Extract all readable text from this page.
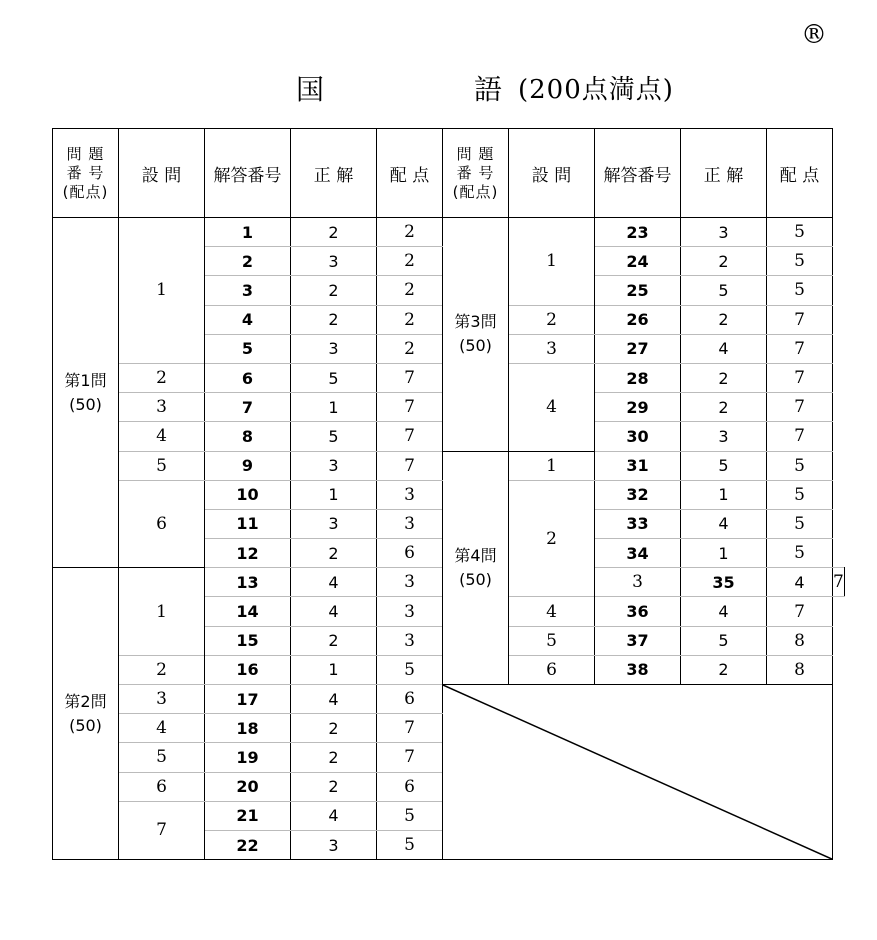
®
国	語 (200点満点)
問 題
番 号
(配点)	設 問	解答番号	正 解	配 点	問 題
番 号
(配点)	設 問	解答番号	正 解	配 点	

第1問
(50)	1	1	2	2	第3問
(50)	1	23	3	5	
		2	3	2			24	2	5	
		3	2	2			25	5	5	
		4	2	2		2	26	2	7	
		5	3	2		3	27	4	7	
	2	6	5	7		4	28	2	7	
	3	7	1	7			29	2	7	
	4	8	5	7			30	3	7	
	5	9	3	7	第4問
(50)	1	31	5	5	
	6	10	1	3		2	32	1	5	
		11	3	3			33	4	5	
		12	2	6			34	1	5	

第2問
(50)	1	13	4	3			3	35	4	7
		14	4	3		4	36	4	7	
		15	2	3		5	37	5	8	
	2	16	1	5		6	38	2	8	
	3	17	4	6	

	4	18	2	7						
	5	19	2	7						
	6	20	2	6						
	7	21	4	5						
		22	3	5						
